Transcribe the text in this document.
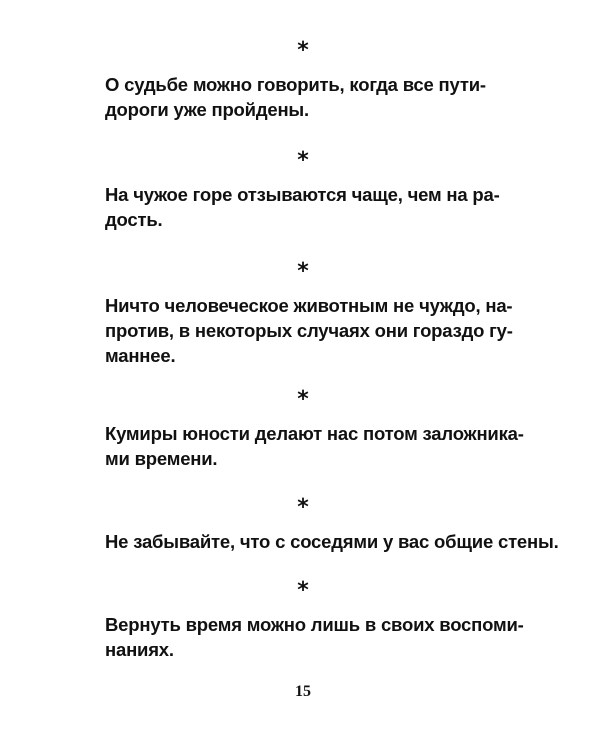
*
О судьбе можно говорить, когда все пути-
дороги уже пройдены.
*
На чужое горе отзываются чаще, чем на ра-
дость.
*
Ничто человеческое животным не чуждо, на-
против, в некоторых случаях они гораздо гу-
маннее.
*
Кумиры юности делают нас потом заложника-
ми времени.
*
Не забывайте, что с соседями у вас общие стены.
*
Вернуть время можно лишь в своих воспоми-
наниях.
15
